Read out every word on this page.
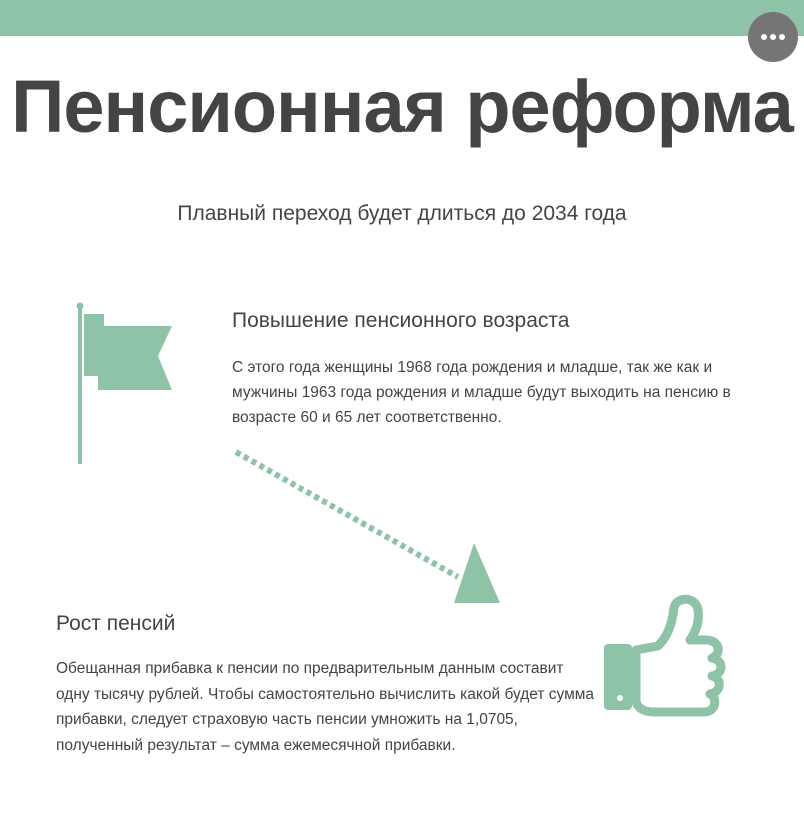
Пенсионная реформа
Плавный переход будет длиться до 2034 года
Повышение пенсионного возраста
С этого года женщины 1968 года рождения и младше, так же как и мужчины 1963 года рождения и младше будут выходить на пенсию в возрасте 60 и 65 лет соответственно.
Рост пенсий
Обещанная прибавка к пенсии по предварительным данным составит одну тысячу рублей. Чтобы самостоятельно вычислить какой будет сумма прибавки, следует страховую часть пенсии умножить на 1,0705, полученный результат – сумма ежемесячной прибавки.
